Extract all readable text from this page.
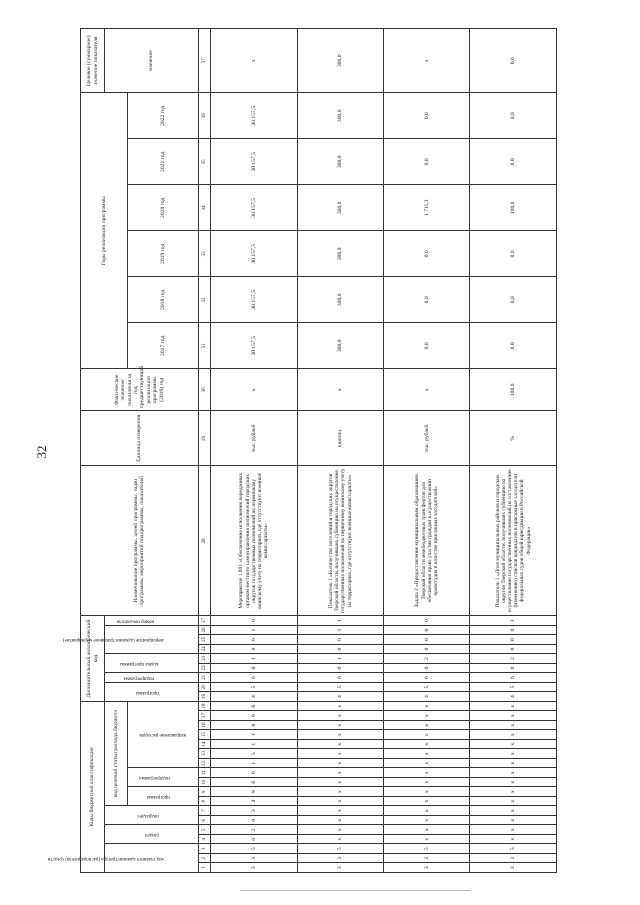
32
Коды бюджетной классификации																		Дополнительный аналитический код									Наименование программы, целей программы, задач программы, мероприятий подпрограммы, показателей	Единица измерения	Фактическое значение показателя за год, предшествующий реализации программы (2016) год	Годы реализации программы						Целевое (суммарное) значение показателя

код главного администратора (распорядителя) средств			раздел		подраздел		код целевой статьи расхода бюджета											программа		подпрограмма	задача программы		мероприятие (административное мероприятие)			номер показателя										значение

							программа		подпрограмма		направление расходов																			2017 год	2018 год	2019 год	2020 год	2021 год	2022 год	
1	2	3	4	5	6	7	8	9	10	11	12	13	14	15	16	17	18	19	20	21	22	23	24	25	26	27	28	29	30	31	32	33	34	35	36	37
3	3	5	0	2	0	3	4	9	6	0	1	5	1	1	8	0	0	4	5	6	0	1	0	0	1	0	Мероприятие 1.001 «Обеспечение исполнения переданных органам местного самоуправления полномочий городских округов государственных полномочий по первичному воинскому учету на территориях, где отсутствуют военные комиссариаты»	тыс. рублей	х	30 157,5	30 157,5	30 157,5	30 157,5	30 157,5	30 157,5	х
3	3	5	х	х	х	х	х	х	х	х	х	х	х	х	х	х	х	4	5	6	0	1	0	0	1	1	Показатель 1 «Количество поселений и городских округов Тверской области, получивших субвенцию на осуществление государственных полномочий по первичному воинскому учету на территориях, где отсутствуют военные комиссариаты»	единиц	х	300,0	300,0	300,0	300,0	300,0	300,0	300,0
3	3	5	х	х	х	х	х	х	х	х	х	х	х	х	х	х	х	4	5	6	0	2	0	0	0	0	Задача 2 «Предоставление муниципальным образованиям Тверской области межбюджетных трансфертов для обеспечения права участия граждан в осуществлении правосудия в качестве присяжных заседателей»	тыс. рублей	х	0,0	0,0	0,0	1 711,3	0,0	0,0	х
3	3	5	х	х	х	х	х	х	х	х	х	х	х	х	х	х	х	4	5	6	0	2	0	0	0	1	Показатель 1 «Доля муниципальных районов и городских округов Тверской области, получивших субвенцию на осуществление государственных полномочий по составлению (изменению) списков кандидатов в присяжные заседатели федеральных судов общей юрисдикции в Российской Федерации»	%	100,0	0,0	0,0	0,0	100,0	0,0	0,0	0,0
